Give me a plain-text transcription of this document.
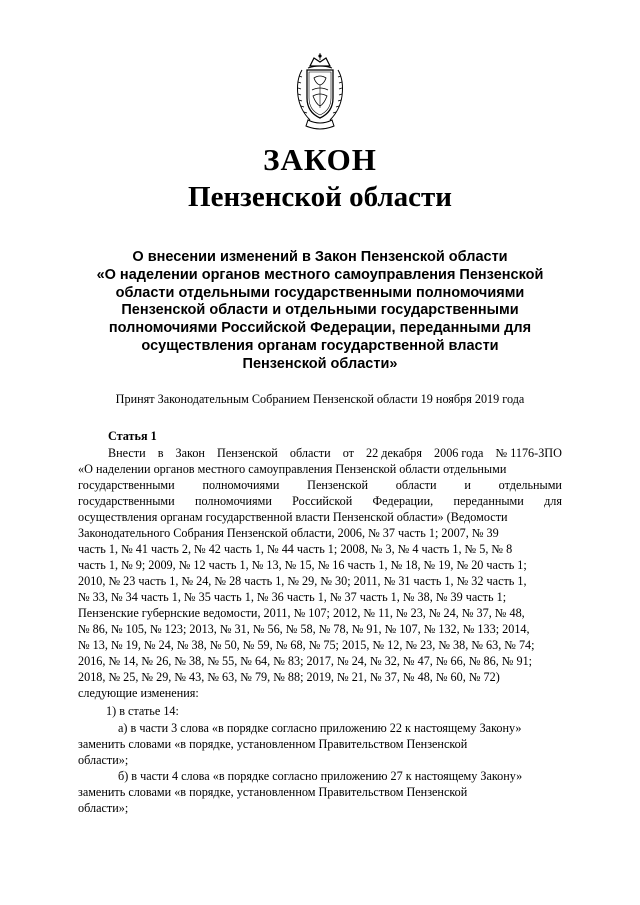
ЗАКОН
Пензенской области
О внесении изменений в Закон Пензенской области
«О наделении органов местного самоуправления Пензенской
области отдельными государственными полномочиями
Пензенской области и отдельными государственными
полномочиями Российской Федерации, переданными для
осуществления органам государственной власти
Пензенской области»
Принят Законодательным Собранием Пензенской области 19 ноября 2019 года
Статья 1
Внести в Закон Пензенской области от 22 декабря 2006 года № 1176-ЗПО
«О наделении органов местного самоуправления Пензенской области отдельными
государственными полномочиями Пензенской области и отдельными
государственными полномочиями Российской Федерации, переданными для
осуществления органам государственной власти Пензенской области» (Ведомости
Законодательного Собрания Пензенской области, 2006, № 37 часть 1; 2007, № 39
часть 1, № 41 часть 2, № 42 часть 1, № 44 часть 1; 2008, № 3, № 4 часть 1, № 5, № 8
часть 1, № 9; 2009, № 12 часть 1, № 13, № 15, № 16 часть 1, № 18, № 19, № 20 часть 1;
2010, № 23 часть 1, № 24, № 28 часть 1, № 29, № 30; 2011, № 31 часть 1, № 32 часть 1,
№ 33, № 34 часть 1, № 35 часть 1, № 36 часть 1, № 37 часть 1, № 38, № 39 часть 1;
Пензенские губернские ведомости, 2011, № 107; 2012, № 11, № 23, № 24, № 37, № 48,
№ 86, № 105, № 123; 2013, № 31, № 56, № 58, № 78, № 91, № 107, № 132, № 133; 2014,
№ 13, № 19, № 24, № 38, № 50, № 59, № 68, № 75; 2015, № 12, № 23, № 38, № 63, № 74;
2016, № 14, № 26, № 38, № 55, № 64, № 83; 2017, № 24, № 32, № 47, № 66, № 86, № 91;
2018, № 25, № 29, № 43, № 63, № 79, № 88; 2019, № 21, № 37, № 48, № 60, № 72)
следующие изменения:
1) в статье 14:
а) в части 3 слова «в порядке согласно приложению 22 к настоящему Закону»
заменить словами «в порядке, установленном Правительством Пензенской
области»;
б) в части 4 слова «в порядке согласно приложению 27 к настоящему Закону»
заменить словами «в порядке, установленном Правительством Пензенской
области»;
